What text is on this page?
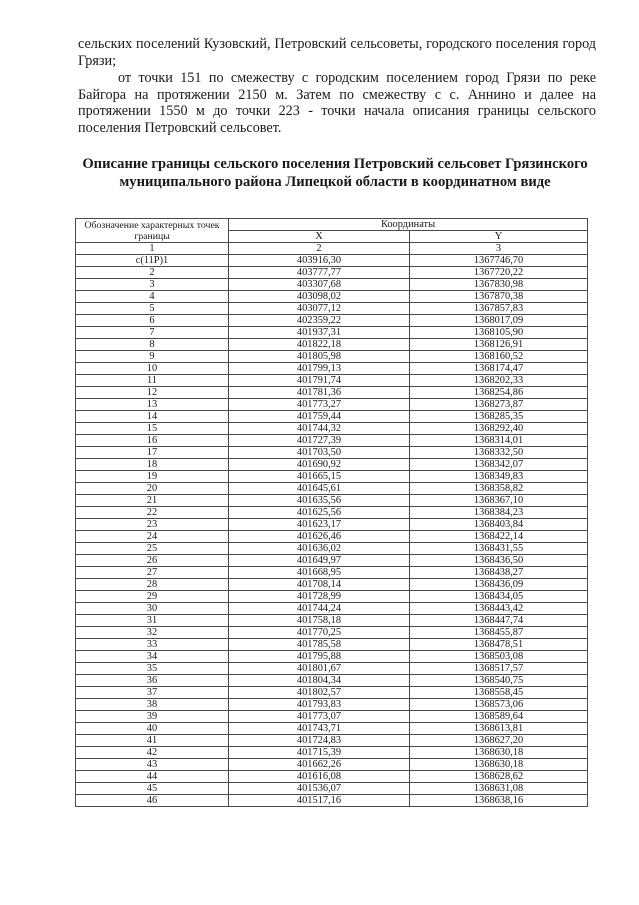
сельских поселений Кузовский, Петровский сельсоветы, городского поселения город Грязи;
от точки 151 по смежеству с городским поселением город Грязи по реке Байгора на протяжении 2150 м. Затем по смежеству с с. Аннино и далее на протяжении 1550 м до точки 223 - точки начала описания границы сельского поселения Петровский сельсовет.
Описание границы сельского поселения Петровский сельсовет Грязинского муниципального района Липецкой области в координатном виде
Обозначение характерных точек границы	Координаты	
	X	Y
1	2	3
с(11Р)1	403916,30	1367746,70
2	403777,77	1367720,22
3	403307,68	1367830,98
4	403098,02	1367870,38
5	403077,12	1367857,83
6	402359,22	1368017,09
7	401937,31	1368105,90
8	401822,18	1368126,91
9	401805,98	1368160,52
10	401799,13	1368174,47
11	401791,74	1368202,33
12	401781,36	1368254,86
13	401773,27	1368273,87
14	401759,44	1368285,35
15	401744,32	1368292,40
16	401727,39	1368314,01
17	401703,50	1368332,50
18	401690,92	1368342,07
19	401665,15	1368349,83
20	401645,61	1368358,82
21	401635,56	1368367,10
22	401625,56	1368384,23
23	401623,17	1368403,84
24	401626,46	1368422,14
25	401636,02	1368431,55
26	401649,97	1368436,50
27	401668,95	1368438,27
28	401708,14	1368436,09
29	401728,99	1368434,05
30	401744,24	1368443,42
31	401758,18	1368447,74
32	401770,25	1368455,87
33	401785,58	1368478,51
34	401795,88	1368503,08
35	401801,67	1368517,57
36	401804,34	1368540,75
37	401802,57	1368558,45
38	401793,83	1368573,06
39	401773,07	1368589,64
40	401743,71	1368613,81
41	401724,83	1368627,20
42	401715,39	1368630,18
43	401662,26	1368630,18
44	401616,08	1368628,62
45	401536,07	1368631,08
46	401517,16	1368638,16
